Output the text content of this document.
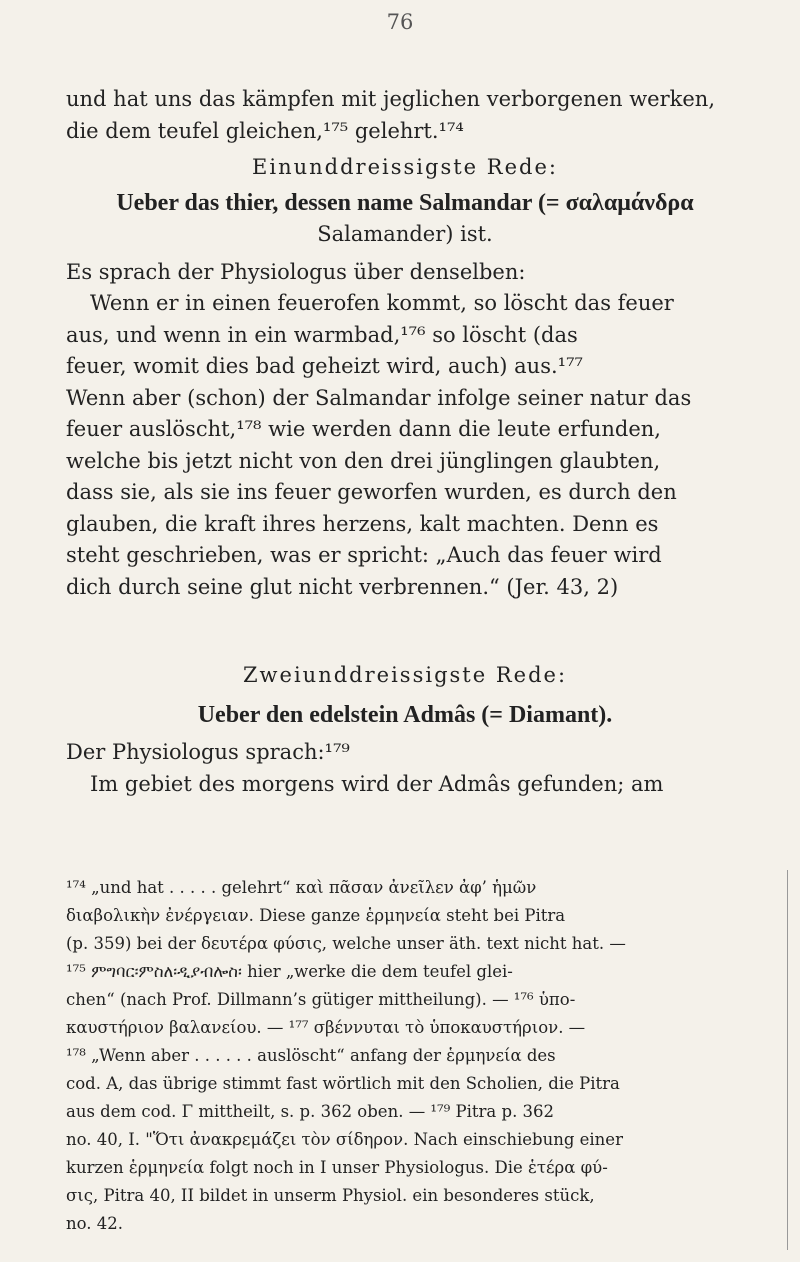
76

und hat uns das kämpfen mit jeglichen verborgenen werken,

die dem teufel gleichen,¹⁷⁵ gelehrt.¹⁷⁴

Einunddreissigste Rede:

Ueber das thier, dessen name Salmandar (= σαλαμάνδρα

Salamander) ist.

Es sprach der Physiologus über denselben:

Wenn er in einen feuerofen kommt, so löscht das feuer

aus, und wenn in ein warmbad,¹⁷⁶ so löscht (das

feuer, womit dies bad geheizt wird, auch) aus.¹⁷⁷

Wenn aber (schon) der Salmandar infolge seiner natur das

feuer auslöscht,¹⁷⁸ wie werden dann die leute erfunden,

welche bis jetzt nicht von den drei jünglingen glaubten,

dass sie, als sie ins feuer geworfen wurden, es durch den

glauben, die kraft ihres herzens, kalt machten. Denn es

steht geschrieben, was er spricht: „Auch das feuer wird

dich durch seine glut nicht verbrennen.“ (Jer. 43, 2)

Zweiunddreissigste Rede:

Ueber den edelstein Admâs (= Diamant).

Der Physiologus sprach:¹⁷⁹

Im gebiet des morgens wird der Admâs gefunden; am

¹⁷⁴ „und hat . . . . . gelehrt“ καὶ πᾶσαν ἀνεῖλεν ἀφ’ ἡμῶν

διαβολικὴν ἐνέργειαν. Diese ganze ἑρμηνεία steht bei Pitra

(p. 359) bei der δευτέρα φύσις, welche unser äth. text nicht hat. —

¹⁷⁵ ምግባር፡ምስለ፡ዲያብሎስ፡ hier „werke die dem teufel glei-

chen“ (nach Prof. Dillmann’s gütiger mittheilung). — ¹⁷⁶ ὑπο-

καυστήριον βαλανείου. — ¹⁷⁷ σβέννυται τὸ ὑποκαυστήριον. —

¹⁷⁸ „Wenn aber . . . . . . auslöscht“ anfang der ἑρμηνεία des

cod. A, das übrige stimmt fast wörtlich mit den Scholien, die Pitra

aus dem cod. Γ mittheilt, s. p. 362 oben. — ¹⁷⁹ Pitra p. 362

no. 40, I. "Ὅτι ἀνακρεμάζει τὸν σίδηρον. Nach einschiebung einer

kurzen ἑρμηνεία folgt noch in I unser Physiologus. Die ἑτέρα φύ-

σις, Pitra 40, II bildet in unserm Physiol. ein besonderes stück,

no. 42.
